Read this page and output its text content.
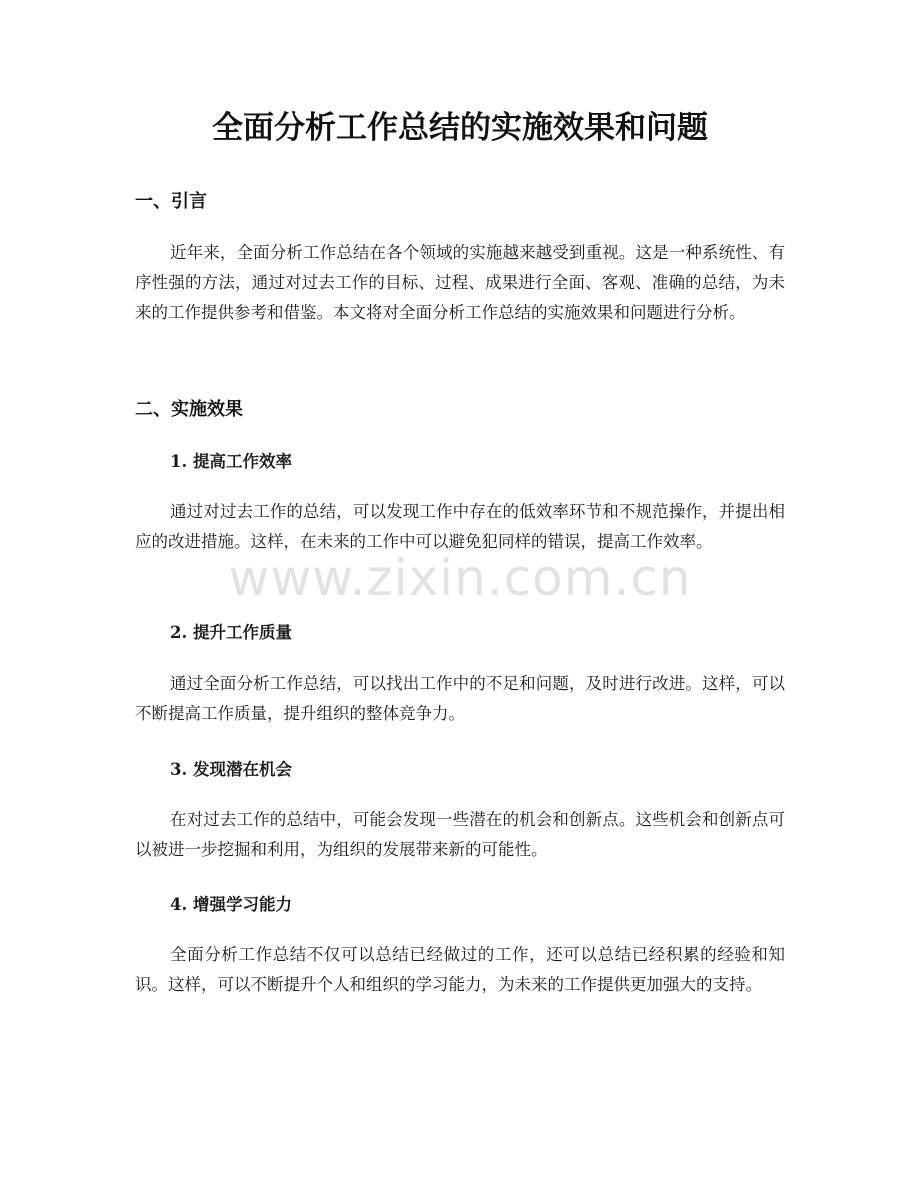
全面分析工作总结的实施效果和问题
一、引言

近年来，全面分析工作总结在各个领域的实施越来越受到重视。这是一种系统性、有序性强的方法，通过对过去工作的目标、过程、成果进行全面、客观、准确的总结，为未来的工作提供参考和借鉴。本文将对全面分析工作总结的实施效果和问题进行分析。

二、实施效果
1. 提高工作效率

通过对过去工作的总结，可以发现工作中存在的低效率环节和不规范操作，并提出相应的改进措施。这样，在未来的工作中可以避免犯同样的错误，提高工作效率。

2. 提升工作质量

通过全面分析工作总结，可以找出工作中的不足和问题，及时进行改进。这样，可以不断提高工作质量，提升组织的整体竞争力。

3. 发现潜在机会

在对过去工作的总结中，可能会发现一些潜在的机会和创新点。这些机会和创新点可以被进一步挖掘和利用，为组织的发展带来新的可能性。

4. 增强学习能力

全面分析工作总结不仅可以总结已经做过的工作，还可以总结已经积累的经验和知识。这样，可以不断提升个人和组织的学习能力，为未来的工作提供更加强大的支持。

www.zixin.com.cn
